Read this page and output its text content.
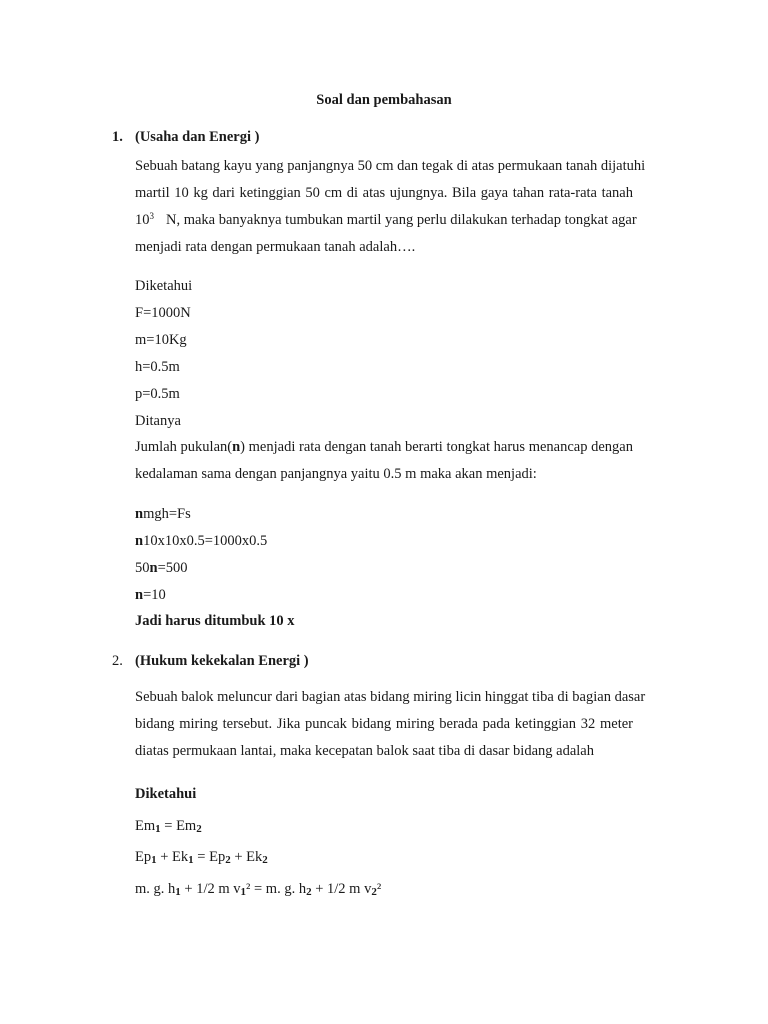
Soal dan pembahasan
1. (Usaha dan Energi )
Sebuah batang kayu yang panjangnya 50 cm dan tegak di atas permukaan tanah dijatuhi
martil 10 kg dari ketinggian 50 cm di atas ujungnya. Bila gaya tahan rata-rata tanah
$10^3$ N, maka banyaknya tumbukan martil yang perlu dilakukan terhadap tongkat agar
menjadi rata dengan permukaan tanah adalah….
Diketahui
F=1000N
m=10Kg
h=0.5m
p=0.5m
Ditanya
Jumlah pukulan(n) menjadi rata dengan tanah berarti tongkat harus menancap dengan
kedalaman sama dengan panjangnya yaitu 0.5 m maka akan menjadi:
nmgh=Fs
n10x10x0.5=1000x0.5
50n=500
n=10
Jadi harus ditumbuk 10 x
2. (Hukum kekekalan Energi )
Sebuah balok meluncur dari bagian atas bidang miring licin hinggat tiba di bagian dasar
bidang miring tersebut. Jika puncak bidang miring berada pada ketinggian 32 meter
diatas permukaan lantai, maka kecepatan balok saat tiba di dasar bidang adalah
Diketahui
Em1 = Em2
Ep1 + Ek1 = Ep2 + Ek2
m. g. h1 + 1/2 m v1² = m. g. h2 + 1/2 m v2²
